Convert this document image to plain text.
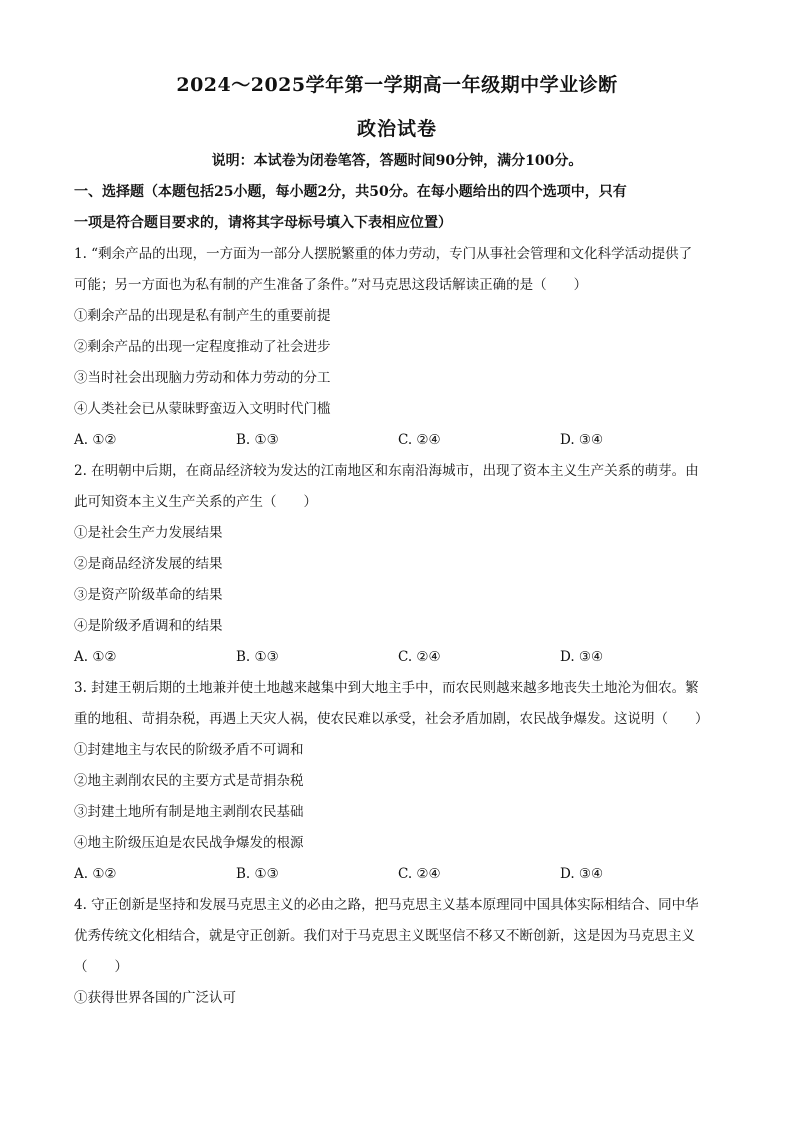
2024～2025学年第一学期高一年级期中学业诊断
政治试卷
说明：本试卷为闭卷笔答，答题时间90分钟，满分100分。
一、选择题（本题包括25小题，每小题2分，共50分。在每小题给出的四个选项中，只有
一项是符合题目要求的，请将其字母标号填入下表相应位置）
1. “剩余产品的出现，一方面为一部分人摆脱繁重的体力劳动，专门从事社会管理和文化科学活动提供了
可能；另一方面也为私有制的产生准备了条件。”对马克思这段话解读正确的是（　　）
①剩余产品的出现是私有制产生的重要前提
②剩余产品的出现一定程度推动了社会进步
③当时社会出现脑力劳动和体力劳动的分工
④人类社会已从蒙昧野蛮迈入文明时代门槛
A. ①②	B. ①③	C. ②④	D. ③④
2. 在明朝中后期，在商品经济较为发达的江南地区和东南沿海城市，出现了资本主义生产关系的萌芽。由
此可知资本主义生产关系的产生（　　）
①是社会生产力发展结果
②是商品经济发展的结果
③是资产阶级革命的结果
④是阶级矛盾调和的结果
A. ①②	B. ①③	C. ②④	D. ③④
3. 封建王朝后期的土地兼并使土地越来越集中到大地主手中，而农民则越来越多地丧失土地沦为佃农。繁
重的地租、苛捐杂税，再遇上天灾人祸，使农民难以承受，社会矛盾加剧，农民战争爆发。这说明（　　）
①封建地主与农民的阶级矛盾不可调和
②地主剥削农民的主要方式是苛捐杂税
③封建土地所有制是地主剥削农民基础
④地主阶级压迫是农民战争爆发的根源
A. ①②	B. ①③	C. ②④	D. ③④
4. 守正创新是坚持和发展马克思主义的必由之路，把马克思主义基本原理同中国具体实际相结合、同中华
优秀传统文化相结合，就是守正创新。我们对于马克思主义既坚信不移又不断创新，这是因为马克思主义
（　　）
①获得世界各国的广泛认可
